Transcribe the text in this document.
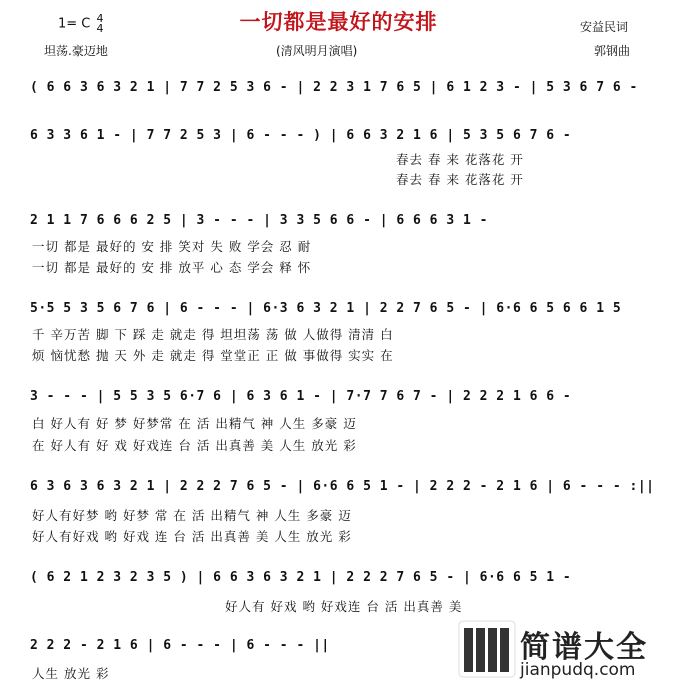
一切都是最好的安排
1= C 4
4
坦荡.豪迈地	(清风明月演唱)
安益民词
郭钢曲
( 6 6 3 6 3 2 1 | 7 7 2 5 3 6 - | 2 2 3 1 7 6 5 | 6 1 2 3 - | 5 3 6 7 6 -
6 3 3 6 1 - | 7 7 2 5 3 | 6 - - - ) | 6 6 3 2 1 6 | 5 3 5 6 7 6 -
春去 春 来 花落花 开
春去 春 来 花落花 开
2 1 1 7 6 6 6 2 5 | 3 - - - | 3 3 5 6 6 - | 6 6 6 3 1 -
一切 都是 最好的 安 排 笑对 失 败 学会 忍 耐
一切 都是 最好的 安 排 放平 心 态 学会 释 怀
5·5 5 3 5 6 7 6 | 6 - - - | 6·3 6 3 2 1 | 2 2 7 6 5 - | 6·6 6 5 6 6 1 5
千 辛万苦 脚 下 踩 走 就走 得 坦坦荡 荡 做 人做得 清清 白
烦 恼忧愁 抛 天 外 走 就走 得 堂堂正 正 做 事做得 实实 在
3 - - - | 5 5 3 5 6·7 6 | 6 3 6 1 - | 7·7 7 6 7 - | 2 2 2 1 6 6 -
白 好人有 好 梦 好梦常 在 活 出精气 神 人生 多豪 迈
在 好人有 好 戏 好戏连 台 活 出真善 美 人生 放光 彩
6 3 6 3 6 3 2 1 | 2 2 2 7 6 5 - | 6·6 6 5 1 - | 2 2 2 - 2 1 6 | 6 - - - :||
好人有好梦 哟 好梦 常 在 活 出精气 神 人生 多豪 迈
好人有好戏 哟 好戏 连 台 活 出真善 美 人生 放光 彩
( 6 2 1 2 3 2 3 5 ) | 6 6 3 6 3 2 1 | 2 2 2 7 6 5 - | 6·6 6 5 1 -
好人有 好戏 哟 好戏连 台 活 出真善 美
2 2 2 - 2 1 6 | 6 - - - | 6 - - - ||
人生 放光 彩
简谱大全
jianpudq.com
